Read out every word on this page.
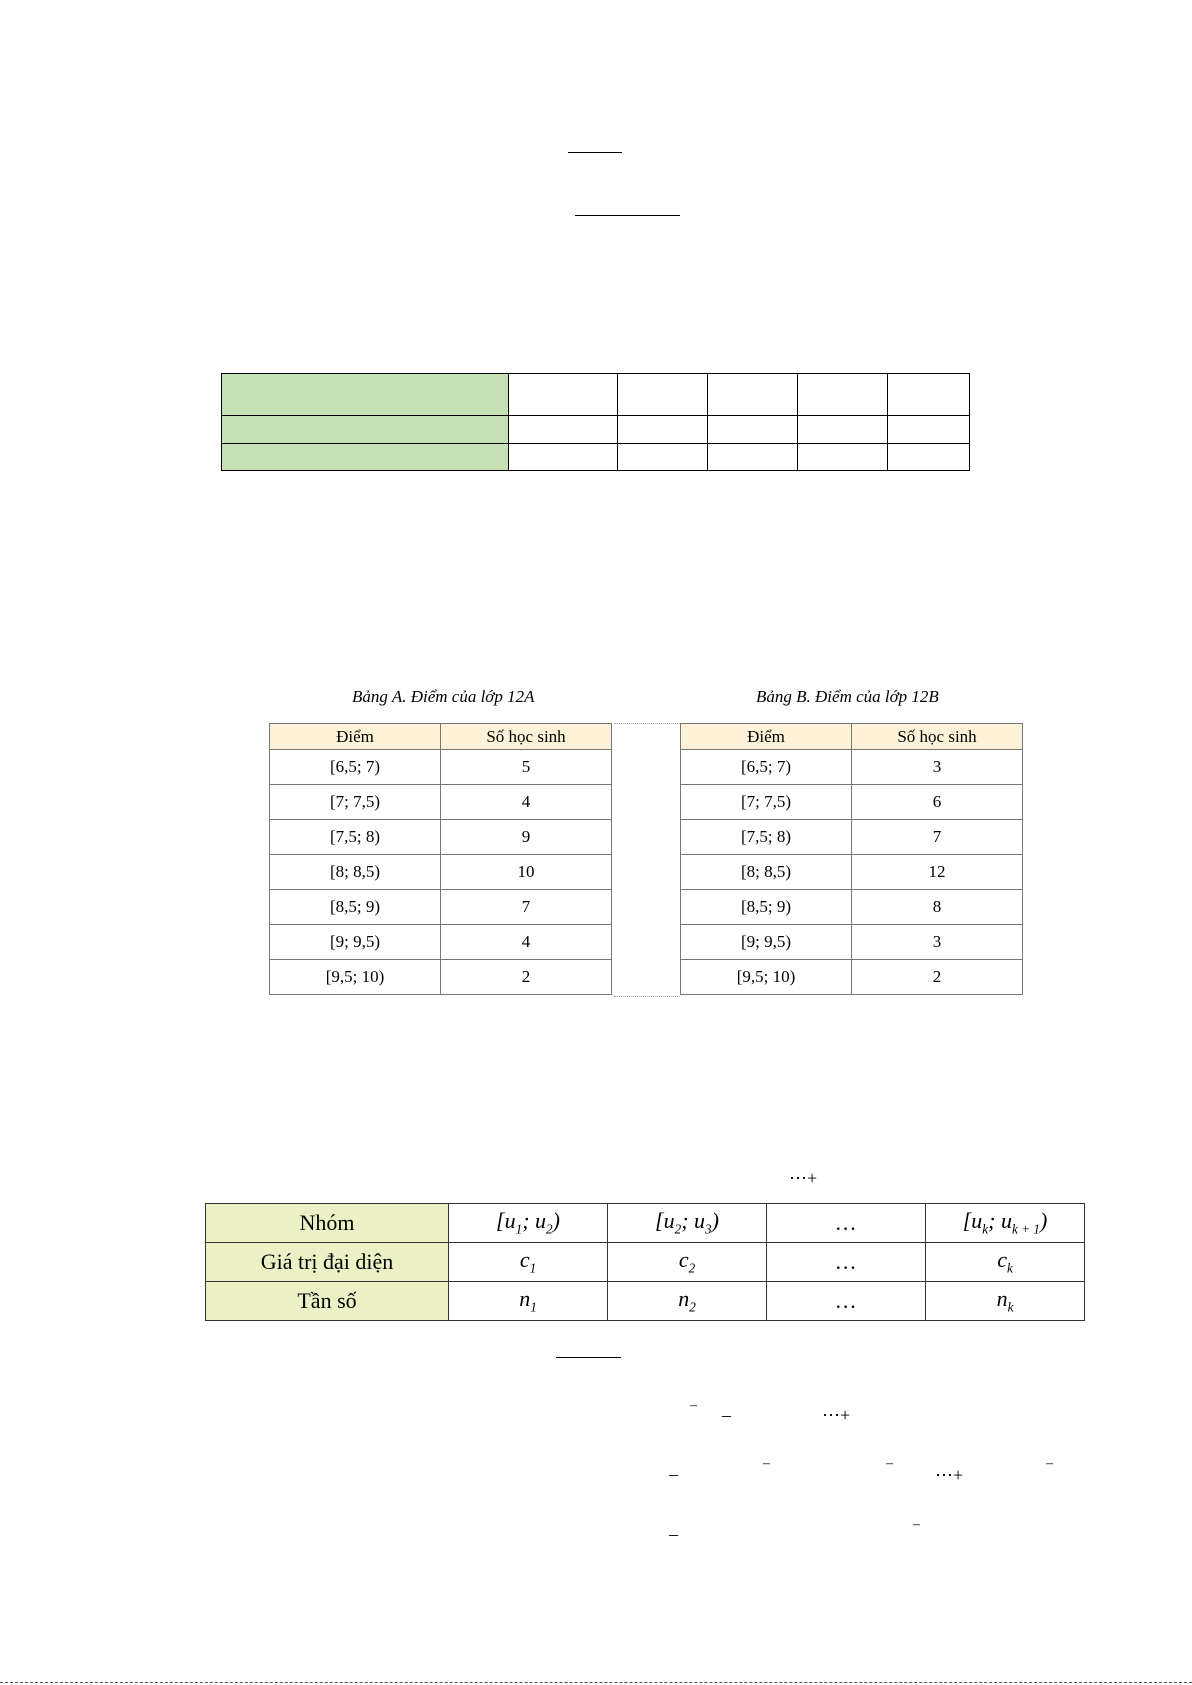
Bảng A. Điểm của lớp 12A
Điểm	Số học sinh
[6,5; 7)	5
[7; 7,5)	4
[7,5; 8)	9
[8; 8,5)	10
[8,5; 9)	7
[9; 9,5)	4
[9,5; 10)	2
Bảng B. Điểm của lớp 12B
Điểm	Số học sinh
[6,5; 7)	3
[7; 7,5)	6
[7,5; 8)	7
[8; 8,5)	12
[8,5; 9)	8
[9; 9,5)	3
[9,5; 10)	2
⋯+
Nhóm	[$u_1$; $u_2$)	[$u_2$; $u_3$)	…	[$u_k$; $u_{k + 1}$)
Giá trị đại diện	$c_1$	$c_2$	…	$c_k$
Tần số	$n_1$	$n_2$	…	$n_k$
– –	⋯+
–
–	–
⋯+
–
–	–
